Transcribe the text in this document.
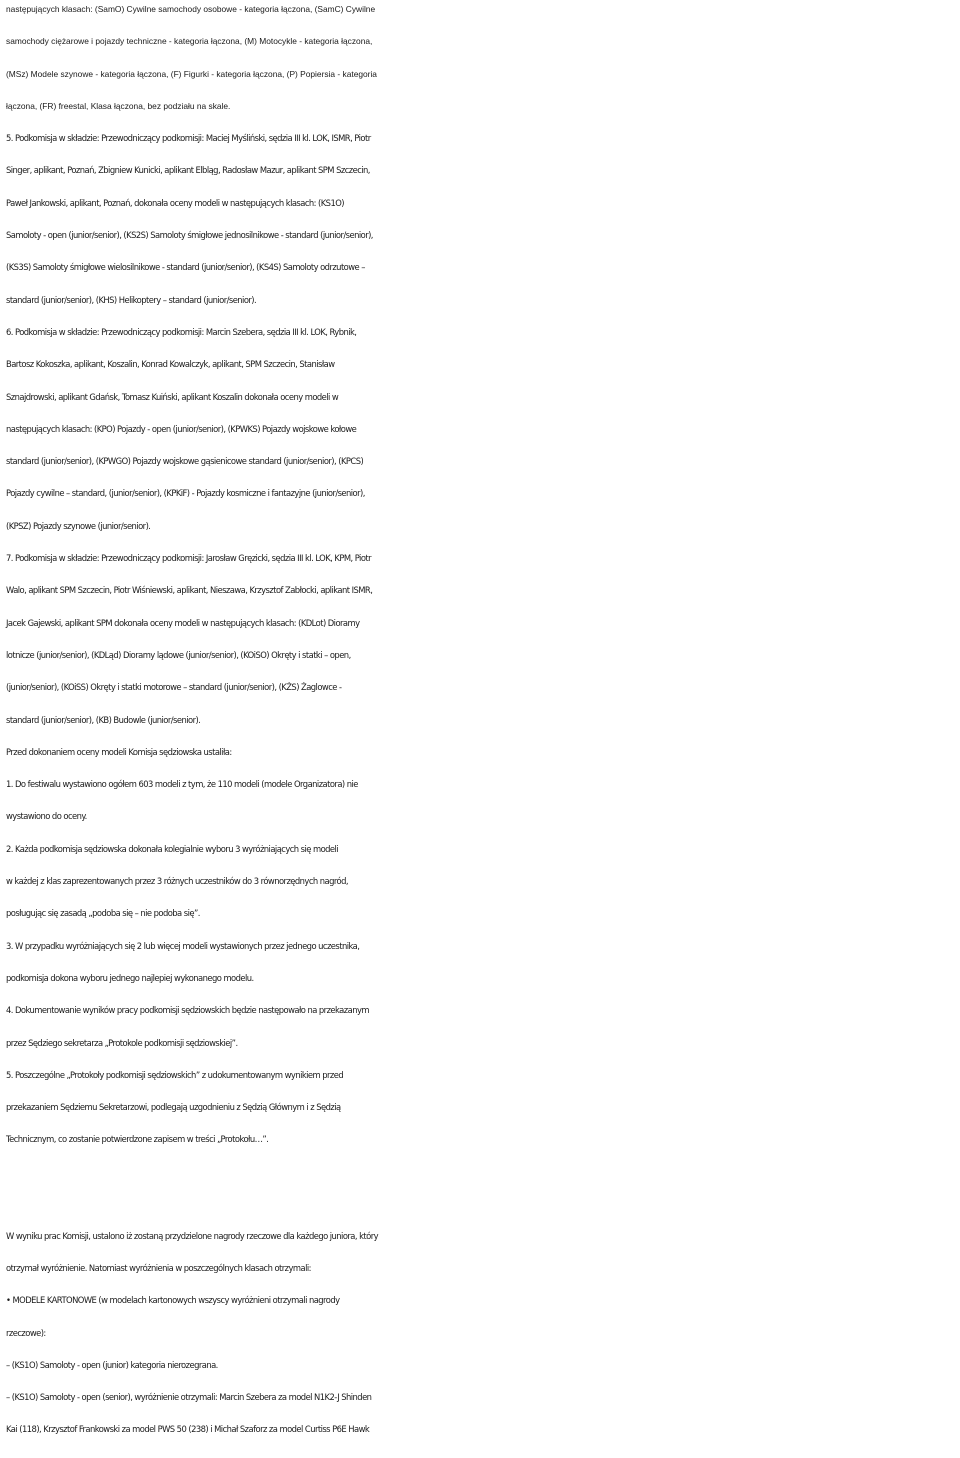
następujących klasach: (SamO) Cywilne samochody osobowe - kategoria łączona, (SamC) Cywilne
samochody ciężarowe i pojazdy techniczne - kategoria łączona, (M) Motocykle - kategoria łączona,
(MSz) Modele szynowe - kategoria łączona, (F) Figurki - kategoria łączona, (P) Popiersia - kategoria
łączona, (FR) freestal, Klasa łączona, bez podziału na skale.
5. Podkomisja w składzie: Przewodniczący podkomisji: Maciej Myśliński, sędzia III kl. LOK, ISMR, Piotr
Singer, aplikant, Poznań, Zbigniew Kunicki, aplikant Elbląg, Radosław Mazur, aplikant SPM Szczecin,
Paweł Jankowski, aplikant, Poznań, dokonała oceny modeli w następujących klasach: (KS1O)
Samoloty - open (junior/senior), (KS2S) Samoloty śmigłowe jednosilnikowe - standard (junior/senior),
(KS3S) Samoloty śmigłowe wielosilnikowe - standard (junior/senior), (KS4S) Samoloty odrzutowe –
standard (junior/senior), (KHS) Helikoptery – standard (junior/senior).
6. Podkomisja w składzie: Przewodniczący podkomisji: Marcin Szebera, sędzia III kl. LOK, Rybnik,
Bartosz Kokoszka, aplikant, Koszalin, Konrad Kowalczyk, aplikant, SPM Szczecin, Stanisław
Sznajdrowski, aplikant Gdańsk, Tomasz Kuiński, aplikant Koszalin dokonała oceny modeli w
następujących klasach: (KPO) Pojazdy - open (junior/senior), (KPWKS) Pojazdy wojskowe kołowe
standard (junior/senior), (KPWGO) Pojazdy wojskowe gąsienicowe standard (junior/senior), (KPCS)
Pojazdy cywilne – standard, (junior/senior), (KPKiF) - Pojazdy kosmiczne i fantazyjne (junior/senior),
(KPSZ) Pojazdy szynowe (junior/senior).
7. Podkomisja w składzie: Przewodniczący podkomisji: Jarosław Gręzicki, sędzia III kl. LOK, KPM, Piotr
Walo, aplikant SPM Szczecin, Piotr Wiśniewski, aplikant, Nieszawa, Krzysztof Zabłocki, aplikant ISMR,
Jacek Gajewski, aplikant SPM dokonała oceny modeli w następujących klasach: (KDLot) Dioramy
lotnicze (junior/senior), (KDLąd) Dioramy lądowe (junior/senior), (KOiSO) Okręty i statki – open,
(junior/senior), (KOiSS) Okręty i statki motorowe – standard (junior/senior), (KŻS) Żaglowce -
standard (junior/senior), (KB) Budowle (junior/senior).
Przed dokonaniem oceny modeli Komisja sędziowska ustaliła:
1. Do festiwalu wystawiono ogółem 603 modeli z tym, że 110 modeli (modele Organizatora) nie
wystawiono do oceny.
2. Każda podkomisja sędziowska dokonała kolegialnie wyboru 3 wyróżniających się modeli
w każdej z klas zaprezentowanych przez 3 różnych uczestników do 3 równorzędnych nagród,
posługując się zasadą „podoba się – nie podoba się”.
3. W przypadku wyróżniających się 2 lub więcej modeli wystawionych przez jednego uczestnika,
podkomisja dokona wyboru jednego najlepiej wykonanego modelu.
4. Dokumentowanie wyników pracy podkomisji sędziowskich będzie następowało na przekazanym
przez Sędziego sekretarza „Protokole podkomisji sędziowskiej”.
5. Poszczególne „Protokoły podkomisji sędziowskich” z udokumentowanym wynikiem przed
przekazaniem Sędziemu Sekretarzowi, podlegają uzgodnieniu z Sędzią Głównym i z Sędzią
Technicznym, co zostanie potwierdzone zapisem w treści „Protokołu…”.
W wyniku prac Komisji, ustalono iż zostaną przydzielone nagrody rzeczowe dla każdego juniora, który
otrzymał wyróżnienie. Natomiast wyróżnienia w poszczególnych klasach otrzymali:
• MODELE KARTONOWE (w modelach kartonowych wszyscy wyróżnieni otrzymali nagrody
rzeczowe):
– (KS1O) Samoloty - open (junior) kategoria nierozegrana.
– (KS1O) Samoloty - open (senior), wyróżnienie otrzymali: Marcin Szebera za model N1K2-J Shinden
Kai (118), Krzysztof Frankowski za model PWS 50 (238) i Michał Szaforz za model Curtiss P6E Hawk
